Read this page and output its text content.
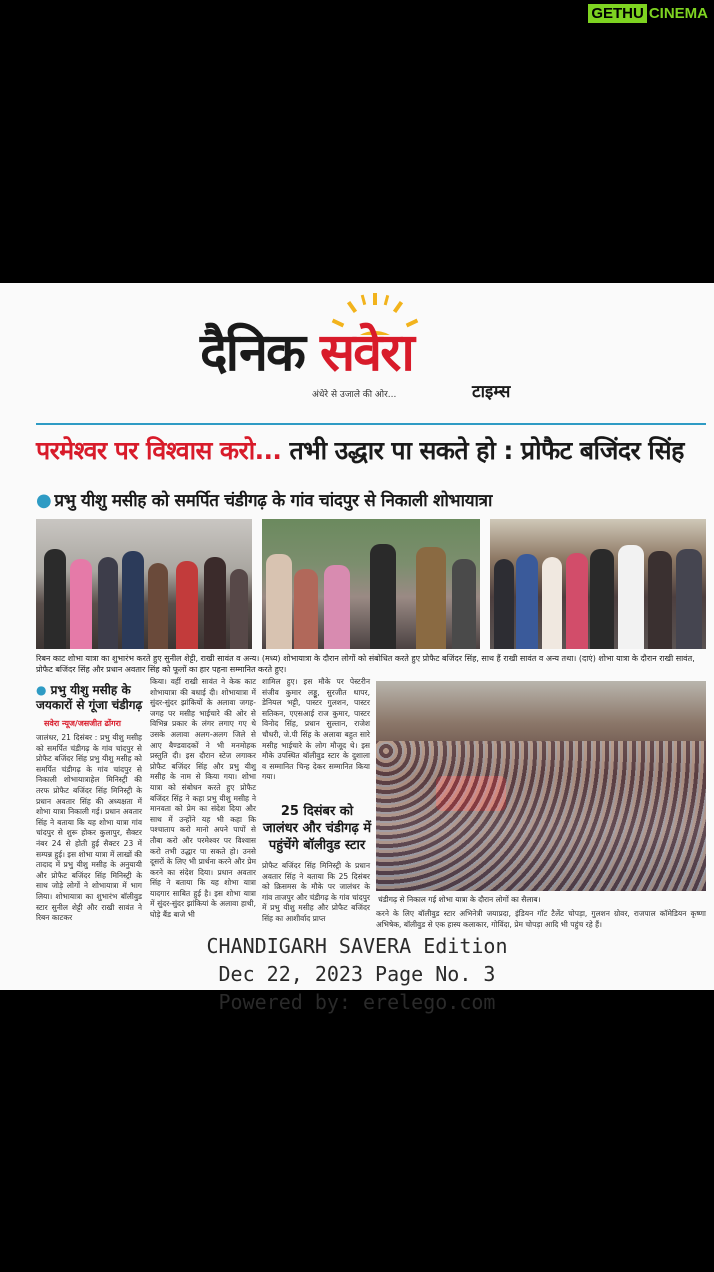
GETHU CINEMA
दैनिक सवेरा
अंधेरे से उजाले की ओर...	टाइम्स
परमेश्वर पर विश्वास करो... तभी उद्धार पा सकते हो : प्रोफैट बजिंदर सिंह
● प्रभु यीशु मसीह को समर्पित चंडीगढ़ के गांव चांदपुर से निकाली शोभायात्रा
रिबन काट शोभा यात्रा का शुभारंभ करते हुए सुनील शेट्टी, राखी सावंत व अन्य। (मध्य) शोभायात्रा के दौरान लोगों को संबोधित करते हुए प्रोफैट बजिंदर सिंह, साथ हैं राखी सावंत व अन्य तथा। (दाएं) शोभा यात्रा के दौरान राखी सावंत, प्रोफैट बजिंदर सिंह और प्रधान अवतार सिंह को फूलों का हार पहना सम्मानित करते हुए।
● प्रभु यीशु मसीह के जयकारों से गूंजा चंडीगढ़
सवेरा न्यूज/जसजीत ढोंगरा
जालंधर, 21 दिसंबर : प्रभु यीशु मसीह को समर्पित चंडीगढ़ के गांव चांदपुर से प्रोफैट बजिंदर सिंह प्रभु यीशु मसीह को समर्पित चंडीगढ़ के गांव चांदपुर से निकाली शोभायात्राहेल मिनिस्ट्री की तरफ प्रोफैट बजिंदर सिंह मिनिस्ट्री के प्रधान अवतार सिंह की अध्यक्षता में शोभा यात्रा निकाली गई। प्रधान अवतार सिंह ने बताया कि यह शोभा यात्रा गांव चांदपुर से शुरू होकर कुलापुर, सैक्टर नंबर 24 से होती हुई सैक्टर 23 में सम्पन्न हुई। इस शोभा यात्रा में लाखों की तादाद में प्रभु यीशु मसीह के अनुयायी और प्रोफैट बजिंदर सिंह मिनिस्ट्री के साथ जोड़े लोगों ने शोभायात्रा में भाग लिया। शोभायात्रा का शुभारंभ बॉलीवुड स्टार सुनील शेट्टी और राखी सावंत ने रिबन काटकर
किया। वहीं राखी सावंत ने केक काट शोभायात्रा की बधाई दी। शोभायात्रा में सुंदर-सुंदर झांकियों के अलावा जगह-जगह पर मसीह भाईचारे की ओर से विभिन्न प्रकार के लंगर लगाए गए थे उसके अलावा अलग-अलग जिले से आए बैण्डवादकों ने भी मनमोहक प्रस्तुति दी। इस दौरान स्टेज लगाकर प्रोफैट बजिंदर सिंह और प्रभु यीशु मसीह के नाम से किया गया। शोभा यात्रा को संबोधन करते हुए प्रोफैट बजिंदर सिंह ने कहा प्रभु यीशु मसीह ने मानवता को प्रेम का संदेश दिया और साथ में उन्होंने यह भी कहा कि पश्चाताप करो मानो अपने पापों से तौबा करो और परमेश्वर पर विश्वास करो तभी उद्धार पा सकते हो। उनसे दूसरों के लिए भी प्रार्थना करने और प्रेम करने का संदेश दिया। प्रधान अवतार सिंह ने बताया कि यह शोभा यात्रा यादगार साबित हुई है। इस शोभा यात्रा में सुंदर-सुंदर झांकियां के अलावा हाथी, घोड़े बैंड बाजे भी
शामिल हुए। इस मौके पर पेस्टरीन संजीव कुमार लड्डू, सुरजीत थापर, डेनियल भट्टी, पास्टर गुलशन, पास्टर सतिकन, एएसआई राज कुमार, पास्टर विनोद सिंह, प्रधान सुल्तान, राजेश चौधरी, जे.पी सिंह के अलावा बहुत सारे मसीह भाईचारे के लोग मौजूद थे। इस मौके उपस्थित बॉलीवुड स्टार के दुशाला व सम्मानित चिन्ह देकर सम्मानित किया गया।
25 दिसंबर को जालंधर और चंडीगढ़ में पहुंचेंगे बॉलीवुड स्टार
प्रोफैट बजिंदर सिंह मिनिस्ट्री के प्रधान अवतार सिंह ने बताया कि 25 दिसंबर को क्रिसमस के मौके पर जालंधर के गांव ताजपुर और चंडीगढ़ के गांव चांदपुर में प्रभु यीशु मसीह और प्रोफैट बजिंदर सिंह का आशीर्वाद प्राप्त
चंडीगढ़ से निकाल गई शोभा यात्रा के दौरान लोगों का सैलाब।
करने के लिए बॉलीवुड स्टार अभिनेत्री जयाप्रदा, इंडियन गॉट टैलेंट चोपड़ा, गुलशन ग्रोवर, राजपाल कॉमेडियन कृष्णा अभिषेक, बॉलीवुड से एक हास्य कलाकार, गोविंदा, प्रेम चोपड़ा आदि भी पहुंच रहे हैं।
CHANDIGARH SAVERA Edition
Dec 22, 2023 Page No. 3
Powered by: erelego.com
